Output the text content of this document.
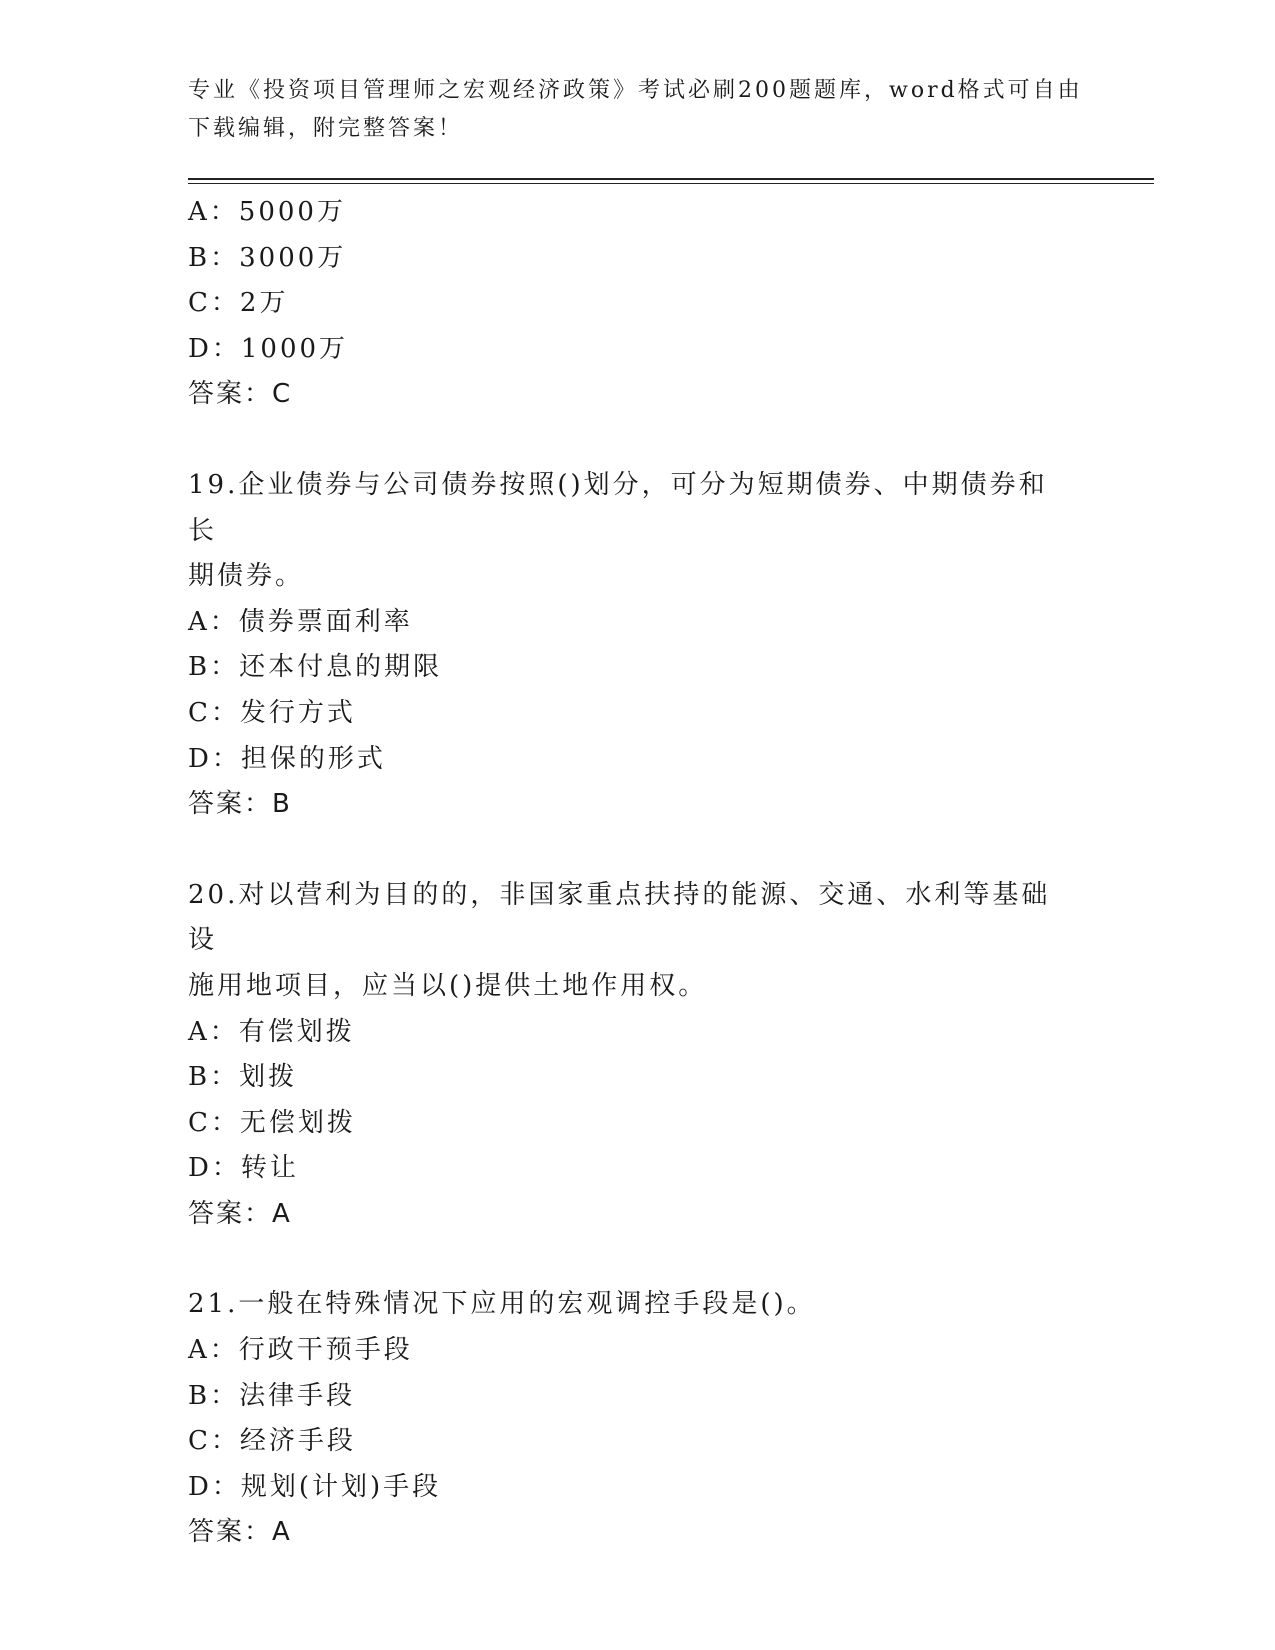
专业《投资项目管理师之宏观经济政策》考试必刷200题题库，word格式可自由
下载编辑，附完整答案！
A：5000万
B：3000万
C：2万
D：1000万
答案：C
19.企业债券与公司债券按照()划分，可分为短期债券、中期债券和长
期债券。
A：债券票面利率
B：还本付息的期限
C：发行方式
D：担保的形式
答案：B
20.对以营利为目的的，非国家重点扶持的能源、交通、水利等基础设
施用地项目，应当以()提供土地作用权。
A：有偿划拨
B：划拨
C：无偿划拨
D：转让
答案：A
21.一般在特殊情况下应用的宏观调控手段是()。
A：行政干预手段
B：法律手段
C：经济手段
D：规划(计划)手段
答案：A
